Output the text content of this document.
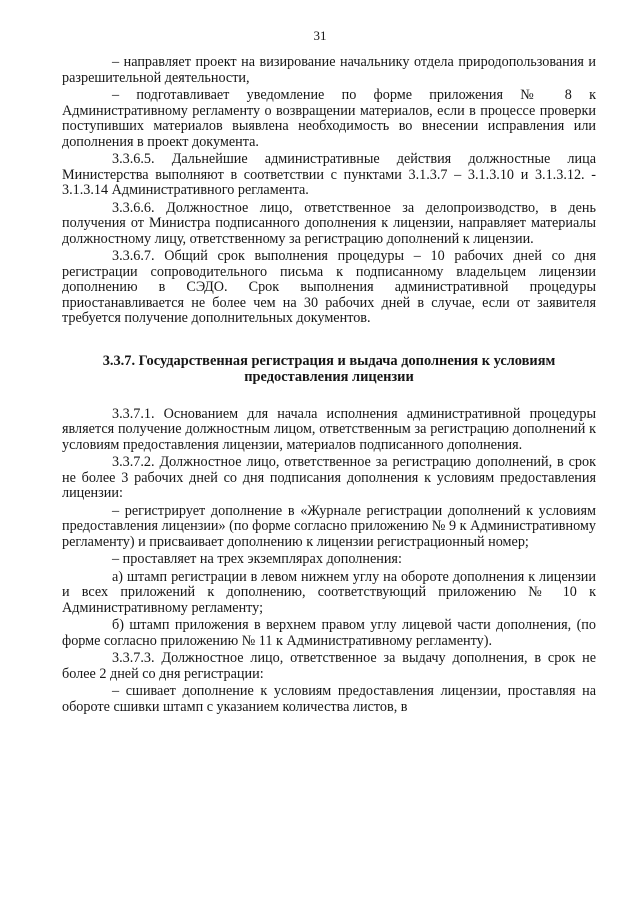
31

– направляет проект на визирование начальнику отдела природопользования и разрешительной деятельности,

– подготавливает уведомление по форме приложения № 8 к Административному регламенту о возвращении материалов, если в процессе проверки поступивших материалов выявлена необходимость во внесении исправления или дополнения в проект документа.

3.3.6.5. Дальнейшие административные действия должностные лица Министерства выполняют в соответствии с пунктами 3.1.3.7 – 3.1.3.10 и 3.1.3.12. - 3.1.3.14 Административного регламента.

3.3.6.6. Должностное лицо, ответственное за делопроизводство, в день получения от Министра подписанного дополнения к лицензии, направляет материалы должностному лицу, ответственному за регистрацию дополнений к лицензии.

3.3.6.7. Общий срок выполнения процедуры – 10 рабочих дней со дня регистрации сопроводительного письма к подписанному владельцем лицензии дополнению в СЭДО. Срок выполнения административной процедуры приостанавливается не более чем на 30 рабочих дней в случае, если от заявителя требуется получение дополнительных документов.

3.3.7. Государственная регистрация и выдача дополнения к условиям предоставления лицензии

3.3.7.1. Основанием для начала исполнения административной процедуры является получение должностным лицом, ответственным за регистрацию дополнений к условиям предоставления лицензии, материалов подписанного дополнения.

3.3.7.2. Должностное лицо, ответственное за регистрацию дополнений, в срок не более 3 рабочих дней со дня подписания дополнения к условиям предоставления лицензии:

– регистрирует дополнение в «Журнале регистрации дополнений к условиям предоставления лицензии» (по форме согласно приложению № 9 к Административному регламенту) и присваивает дополнению к лицензии регистрационный номер;

– проставляет на трех экземплярах дополнения:

а) штамп регистрации в левом нижнем углу на обороте дополнения к лицензии и всех приложений к дополнению, соответствующий приложению № 10 к Административному регламенту;

б) штамп приложения в верхнем правом углу лицевой части дополнения, (по форме согласно приложению № 11 к Административному регламенту).

3.3.7.3. Должностное лицо, ответственное за выдачу дополнения, в срок не более 2 дней со дня регистрации:

– сшивает дополнение к условиям предоставления лицензии, проставляя на обороте сшивки штамп с указанием количества листов, в
